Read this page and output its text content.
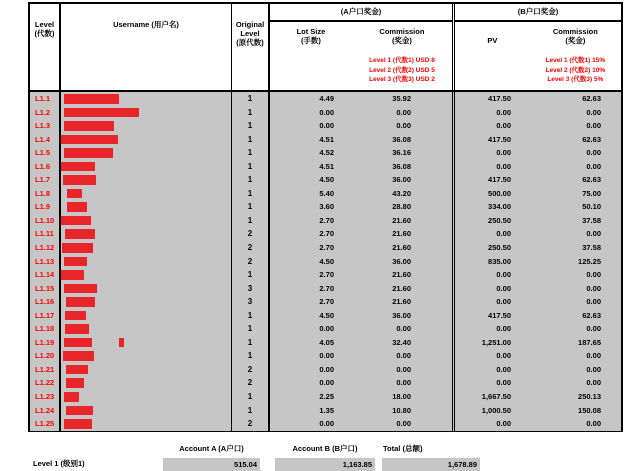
Level
(代数)
Username (用户名)	Original
Level
(原代数)
(A户口奖金)
Lot Size
(手数)
Commission
(奖金)
Level 1 (代数1) USD 8
Level 2 (代数2) USD 5
Level 3 (代数3) USD 2
(B户口奖金)
PV
Commission
(奖金)
Level 1 (代数1) 15%
Level 2 (代数2) 10%
Level 3 (代数3) 5%
L1.1	1	4.49	35.92	417.50	62.63
L1.2	1	0.00	0.00	0.00	0.00
L1.3	1	0.00	0.00	0.00	0.00
L1.4	1	4.51	36.08	417.50	62.63
L1.5	1	4.52	36.16	0.00	0.00
L1.6	1	4.51	36.08	0.00	0.00
L1.7	1	4.50	36.00	417.50	62.63
L1.8	1	5.40	43.20	500.00	75.00
L1.9	1	3.60	28.80	334.00	50.10
L1.10	1	2.70	21.60	250.50	37.58
L1.11	2	2.70	21.60	0.00	0.00
L1.12	2	2.70	21.60	250.50	37.58
L1.13	2	4.50	36.00	835.00	125.25
L1.14	1	2.70	21.60	0.00	0.00
L1.15	3	2.70	21.60	0.00	0.00
L1.16	3	2.70	21.60	0.00	0.00
L1.17	1	4.50	36.00	417.50	62.63
L1.18	1	0.00	0.00	0.00	0.00
L1.19	1	4.05	32.40	1,251.00	187.65
L1.20	1	0.00	0.00	0.00	0.00
L1.21	2	0.00	0.00	0.00	0.00
L1.22	2	0.00	0.00	0.00	0.00
L1.23	1	2.25	18.00	1,667.50	250.13
L1.24	1	1.35	10.80	1,000.50	150.08
L1.25	2	0.00	0.00	0.00	0.00
Level 1 (级别1)
Account A (A户口)	Account B (B户口)	Total (总额)
515.04	1,163.85	1,678.89
